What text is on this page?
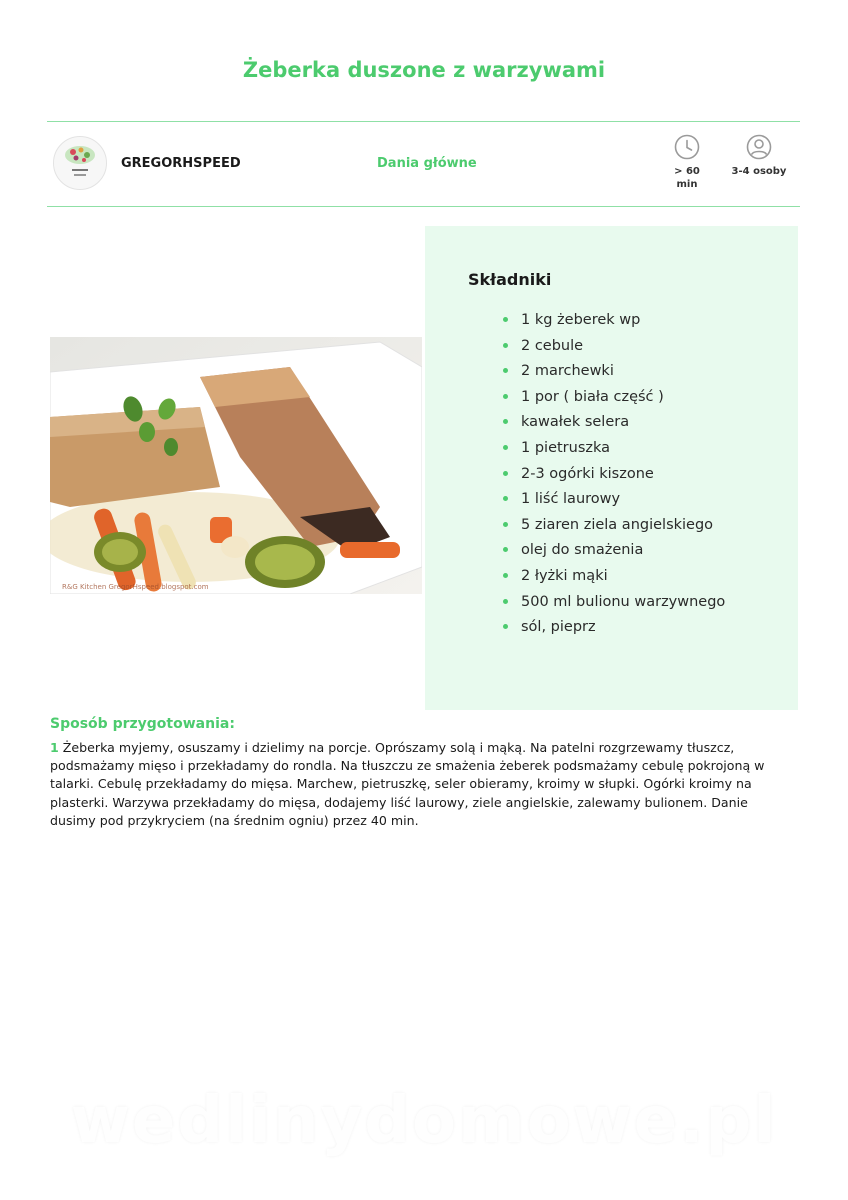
Żeberka duszone z warzywami
GREGORHSPEED	Dania główne
> 60 min
3-4 osoby
R&G Kitchen GregorHspeed.blogspot.com
Składniki
1 kg żeberek wp
2 cebule
2 marchewki
1 por ( biała część )
kawałek selera
1 pietruszka
2-3 ogórki kiszone
1 liść laurowy
5 ziaren ziela angielskiego
olej do smażenia
2 łyżki mąki
500 ml bulionu warzywnego
sól, pieprz
Sposób przygotowania:

1 Żeberka myjemy, osuszamy i dzielimy na porcje. Oprószamy solą i mąką. Na patelni rozgrzewamy tłuszcz, podsmażamy mięso i przekładamy do rondla. Na tłuszczu ze smażenia żeberek podsmażamy cebulę pokrojoną w talarki. Cebulę przekładamy do mięsa. Marchew, pietruszkę, seler obieramy, kroimy w słupki. Ogórki kroimy na plasterki. Warzywa przekładamy do mięsa, dodajemy liść laurowy, ziele angielskie, zalewamy bulionem. Danie dusimy pod przykryciem (na średnim ogniu) przez 40 min.

wedlinydomowe.pl
